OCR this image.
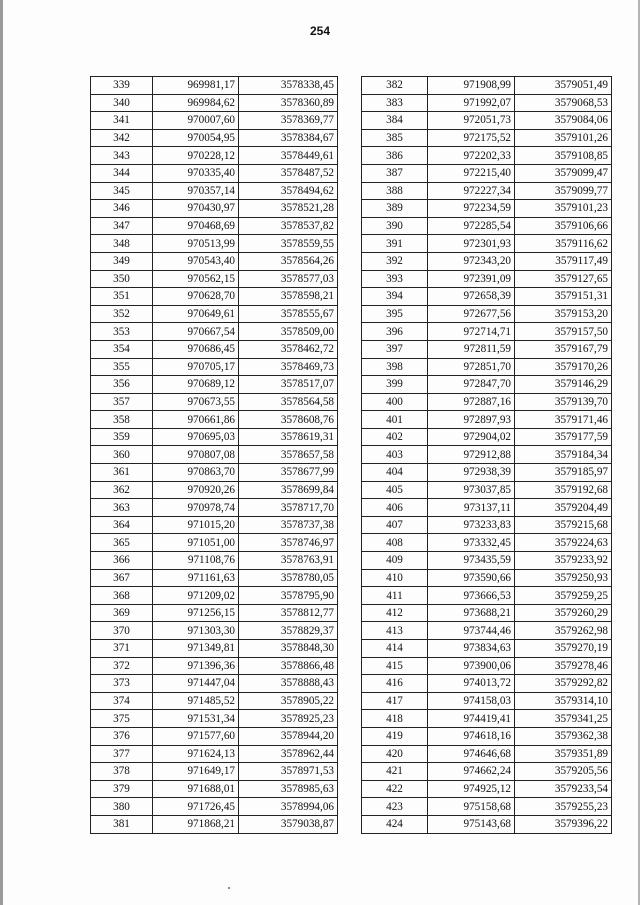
254
339	969981,17	3578338,45
340	969984,62	3578360,89
341	970007,60	3578369,77
342	970054,95	3578384,67
343	970228,12	3578449,61
344	970335,40	3578487,52
345	970357,14	3578494,62
346	970430,97	3578521,28
347	970468,69	3578537,82
348	970513,99	3578559,55
349	970543,40	3578564,26
350	970562,15	3578577,03
351	970628,70	3578598,21
352	970649,61	3578555,67
353	970667,54	3578509,00
354	970686,45	3578462,72
355	970705,17	3578469,73
356	970689,12	3578517,07
357	970673,55	3578564,58
358	970661,86	3578608,76
359	970695,03	3578619,31
360	970807,08	3578657,58
361	970863,70	3578677,99
362	970920,26	3578699,84
363	970978,74	3578717,70
364	971015,20	3578737,38
365	971051,00	3578746,97
366	971108,76	3578763,91
367	971161,63	3578780,05
368	971209,02	3578795,90
369	971256,15	3578812,77
370	971303,30	3578829,37
371	971349,81	3578848,30
372	971396,36	3578866,48
373	971447,04	3578888,43
374	971485,52	3578905,22
375	971531,34	3578925,23
376	971577,60	3578944,20
377	971624,13	3578962,44
378	971649,17	3578971,53
379	971688,01	3578985,63
380	971726,45	3578994,06
381	971868,21	3579038,87
382	971908,99	3579051,49
383	971992,07	3579068,53
384	972051,73	3579084,06
385	972175,52	3579101,26
386	972202,33	3579108,85
387	972215,40	3579099,47
388	972227,34	3579099,77
389	972234,59	3579101,23
390	972285,54	3579106,66
391	972301,93	3579116,62
392	972343,20	3579117,49
393	972391,09	3579127,65
394	972658,39	3579151,31
395	972677,56	3579153,20
396	972714,71	3579157,50
397	972811,59	3579167,79
398	972851,70	3579170,26
399	972847,70	3579146,29
400	972887,16	3579139,70
401	972897,93	3579171,46
402	972904,02	3579177,59
403	972912,88	3579184,34
404	972938,39	3579185,97
405	973037,85	3579192,68
406	973137,11	3579204,49
407	973233,83	3579215,68
408	973332,45	3579224,63
409	973435,59	3579233,92
410	973590,66	3579250,93
411	973666,53	3579259,25
412	973688,21	3579260,29
413	973744,46	3579262,98
414	973834,63	3579270,19
415	973900,06	3579278,46
416	974013,72	3579292,82
417	974158,03	3579314,10
418	974419,41	3579341,25
419	974618,16	3579362,38
420	974646,68	3579351,89
421	974662,24	3579205,56
422	974925,12	3579233,54
423	975158,68	3579255,23
424	975143,68	3579396,22
